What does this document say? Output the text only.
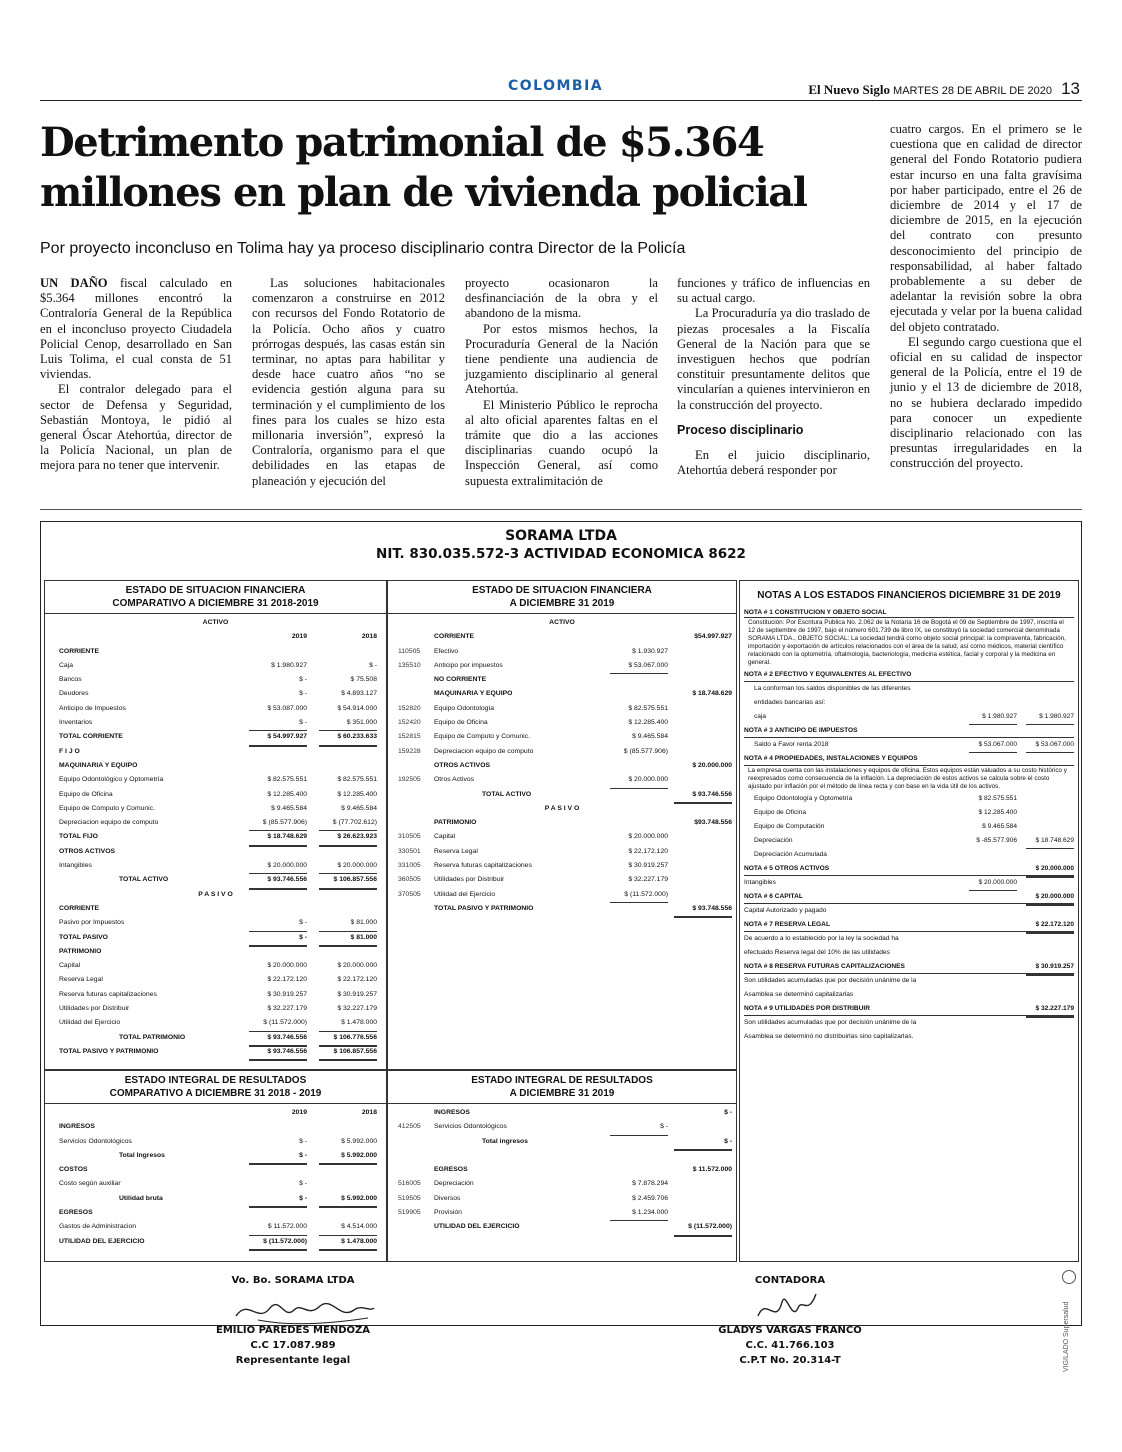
COLOMBIA	El Nuevo Siglo MARTES 28 DE ABRIL DE 2020 13
Detrimento patrimonial de $5.364 millones en plan de vivienda policial
Por proyecto inconcluso en Tolima hay ya proceso disciplinario contra Director de la Policía

UN DAÑO fiscal calculado en $5.364 millones encontró la Contraloría General de la República en el inconcluso proyecto Ciudadela Policial Cenop, desarrollado en San Luis Tolima, el cual consta de 51 viviendas.

El contralor delegado para el sector de Defensa y Seguridad, Sebastián Montoya, le pidió al general Óscar Atehortúa, director de la Policía Nacional, un plan de mejora para no tener que intervenir.

Las soluciones habitacionales comenzaron a construirse en 2012 con recursos del Fondo Rotatorio de la Policía. Ocho años y cuatro prórrogas después, las casas están sin terminar, no aptas para habilitar y desde hace cuatro años “no se evidencia gestión alguna para su terminación y el cumplimiento de los fines para los cuales se hizo esta millonaria inversión”, expresó la Contraloría, organismo para el que debilidades en las etapas de planeación y ejecución del

proyecto ocasionaron la desfinanciación de la obra y el abandono de la misma.

Por estos mismos hechos, la Procuraduría General de la Nación tiene pendiente una audiencia de juzgamiento disciplinario al general Atehortúa.

El Ministerio Público le reprocha al alto oficial aparentes faltas en el trámite que dio a las acciones disciplinarias cuando ocupó la Inspección General, así como supuesta extralimitación de

funciones y tráfico de influencias en su actual cargo.

La Procuraduría ya dio traslado de piezas procesales a la Fiscalía General de la Nación para que se investiguen hechos que podrían constituir presuntamente delitos que vincularían a quienes intervinieron en la construcción del proyecto.

Proceso disciplinario

En el juicio disciplinario, Atehortúa deberá responder por

cuatro cargos. En el primero se le cuestiona que en calidad de director general del Fondo Rotatorio pudiera estar incurso en una falta gravísima por haber participado, entre el 26 de diciembre de 2014 y el 17 de diciembre de 2015, en la ejecución del contrato con presunto desconocimiento del principio de responsabilidad, al haber faltado probablemente a su deber de adelantar la revisión sobre la obra ejecutada y velar por la buena calidad del objeto contratado.

El segundo cargo cuestiona que el oficial en su calidad de inspector general de la Policía, entre el 19 de junio y el 13 de diciembre de 2018, no se hubiera declarado impedido para conocer un expediente disciplinario relacionado con las presuntas irregularidades en la construcción del proyecto.

SORAMA LTDA
NIT. 830.035.572-3 ACTIVIDAD ECONOMICA 8622
ESTADO DE SITUACION FINANCIERA
COMPARATIVO A DICIEMBRE 31 2018-2019
ACTIVO
2019	2018
CORRIENTE
Caja	$ 1.980.927	$ -
Bancos	$ -	$ 75.508
Deudores	$ -	$ 4.893.127
Anticipo de Impuestos	$ 53.087.000	$ 54.914.000
Inventarios	$ -	$ 351.000
TOTAL CORRIENTE	$ 54.997.927	$ 60.233.633
F I J O
MAQUINARIA Y EQUIPO
Equipo Odontológico y Optometría	$ 82.575.551	$ 82.575.551
Equipo de Oficina	$ 12.285.400	$ 12.285.400
Equipo de Computo y Comunic.	$ 9.465.584	$ 9.465.584
Depreciacion equipo de computo	$ (85.577.906)	$ (77.702.612)
TOTAL FIJO	$ 18.748.629	$ 26.623.923
OTROS ACTIVOS
Intangibles	$ 20.000.000	$ 20.000.000
TOTAL ACTIVO	$ 93.746.556	$ 106.857.556
P A S I V O
CORRIENTE
Pasivo por Impuestos	$ -	$ 81.000
TOTAL PASIVO	$ -	$ 81.000
PATRIMONIO
Capital	$ 20.000.000	$ 20.000.000
Reserva Legal	$ 22.172.120	$ 22.172.120
Reserva futuras capitalizaciones	$ 30.919.257	$ 30.919.257
Utilidades por Distribuir	$ 32.227.179	$ 32.227.179
Utilidad del Ejercicio	$ (11.572.000)	$ 1.478.000
TOTAL PATRIMONIO	$ 93.746.556	$ 106.776.556
TOTAL PASIVO Y PATRIMONIO	$ 93.746.556	$ 106.857.556
ESTADO DE SITUACION FINANCIERA
A DICIEMBRE 31 2019
ACTIVO
CORRIENTE	$54.997.927
110505 Efectivo	$ 1.930.927
135510 Anticipo por impuestos	$ 53.067.000
NO CORRIENTE
MAQUINARIA Y EQUIPO	$ 18.748.629
152820 Equipo Odontología	$ 82.575.551
152420 Equipo de Oficina	$ 12.285.400
152815 Equipo de Computo y Comunic.	$ 9.465.584
159228 Depreciacion equipo de computo	$ (85.577.906)
OTROS ACTIVOS	$ 20.000.000
192505 Otros Activos	$ 20.000.000
TOTAL ACTIVO	$ 93.746.556
P A S I V O
PATRIMONIO	$93.748.556
310505 Capital	$ 20.000.000
330501 Reserva Legal	$ 22.172.120
331005 Reserva futuras capitalizaciones	$ 30.919.257
360505 Utilidades por Distribuir	$ 32.227.179
370505 Utilidad del Ejercicio	$ (11.572.000)
TOTAL PASIVO Y PATRIMONIO	$ 93.748.556
ESTADO INTEGRAL DE RESULTADOS
COMPARATIVO A DICIEMBRE 31 2018 - 2019
2019	2018
INGRESOS
Servicios Odontológicos	$ -	$ 5.992.000
Total Ingresos	$ -	$ 5.992.000
COSTOS
Costo según auxiliar	$ -
Utilidad bruta	$ -	$ 5.992.000
EGRESOS
Gastos de Administracion	$ 11.572.000	$ 4.514.000
UTILIDAD DEL EJERCICIO	$ (11.572.000)	$ 1.478.000
ESTADO INTEGRAL DE RESULTADOS
A DICIEMBRE 31 2019
INGRESOS	$ -
412505 Servicios Odontológicos	$ -
Total ingresos	$ -
EGRESOS	$ 11.572.000
516005 Depreciación	$ 7.878.294
519505 Diversos	$ 2.459.706
519905 Provisión	$ 1.234.000
UTILIDAD DEL EJERCICIO	$ (11.572.000)
NOTAS A LOS ESTADOS FINANCIEROS DICIEMBRE 31 DE 2019
NOTA # 1 CONSTITUCION Y OBJETO SOCIAL
Constitución: Por Escritura Publica No. 2.062 de la Notaría 16 de Bogotá el 09 de Septiembre de 1997, inscrita el 12 de septiembre de 1997, bajo el número 601.739 de libro IX, se constituyó la sociedad comercial denominada SORAMA LTDA., OBJETO SOCIAL: La sociedad tendrá como objeto social principal: la compraventa, fabricación, importación y exportación de artículos relacionados con el área de la salud, así como médicos, material científico relacionado con la optometría, oftalmología, bacteriología, medicina estética, facial y corporal y la medicina en general.
NOTA # 2 EFECTIVO Y EQUIVALENTES AL EFECTIVO
La conforman los saldos disponibles de las diferentes
entidades bancarias así:
caja	$ 1.980.927	$ 1.980.927
NOTA # 3 ANTICIPO DE IMPUESTOS
Saldo a Favor renta 2018	$ 53.067.000	$ 53.067.000
NOTA # 4 PROPIEDADES, INSTALACIONES Y EQUIPOS
La empresa cuenta con las instalaciones y equipos de oficina. Estos equipos están valuados a su costo histórico y reexpresados como consecuencia de la inflación. La depreciación de estos activos se calcula sobre el costo ajustado por inflación por el método de línea recta y con base en la vida útil de los activos.
Equipo Odontología y Optometría	$ 82.575.551
Equipo de Oficina	$ 12.285.400
Equipo de Computación	$ 9.465.584
Depreciación	$ -85.577.906	$ 18.748.629
Depreciación Acumulada
NOTA # 5 OTROS ACTIVOS	$ 20.000.000
Intangibles	$ 20.000.000
NOTA # 6 CAPITAL	$ 20.000.000
Capital Autorizado y pagado
NOTA # 7 RESERVA LEGAL	$ 22.172.120
De acuerdo a lo establecido por la ley la sociedad ha
efectuado Reserva legal del 10% de las utilidades
NOTA # 8 RESERVA FUTURAS CAPITALIZACIONES	$ 30.919.257
Son utilidades acumuladas que por decisión unánime de la
Asamblea se determinó capitalizarlas
NOTA # 9 UTILIDADES POR DISTRIBUIR	$ 32.227.179
Son utilidades acumuladas que por decisión unánime de la
Asamblea se determinó no distribuirlas sino capitalizarlas.
Vo. Bo. SORAMA LTDA
EMILIO PAREDES MENDOZA
C.C 17.087.989
Representante legal
CONTADORA
GLADYS VARGAS FRANCO
C.C. 41.766.103
C.P.T No. 20.314-T	VIGILADO Supersalud
